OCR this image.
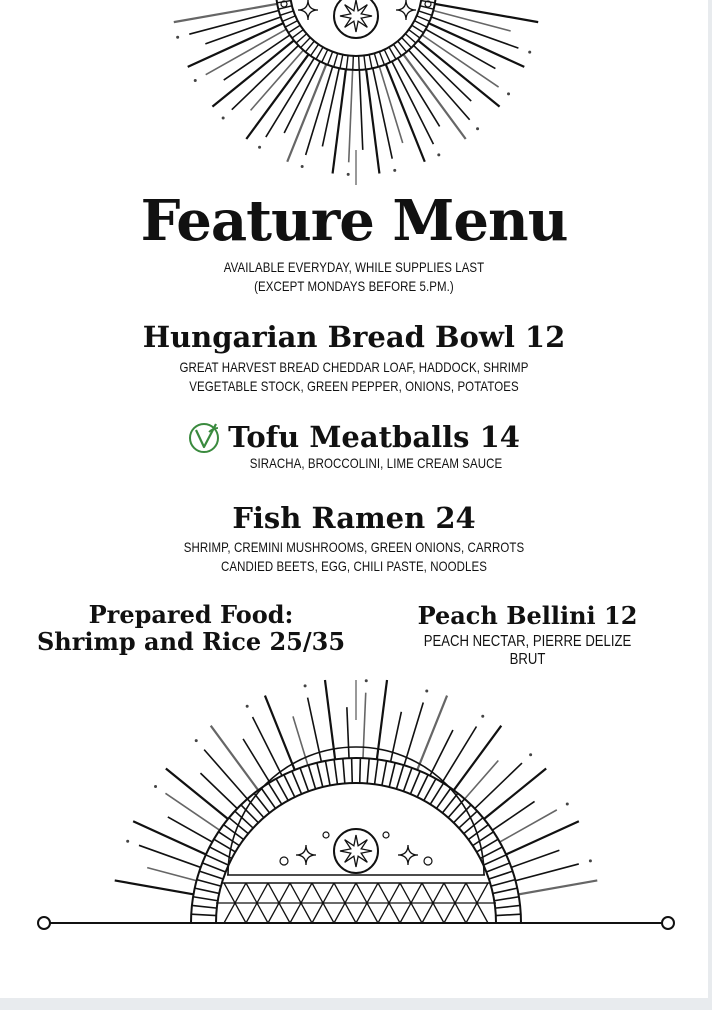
Feature Menu
AVAILABLE EVERYDAY, WHILE SUPPLIES LAST
(EXCEPT MONDAYS BEFORE 5.PM.)
Hungarian Bread Bowl 12
GREAT HARVEST BREAD CHEDDAR LOAF, HADDOCK, SHRIMP
VEGETABLE STOCK, GREEN PEPPER, ONIONS, POTATOES
Tofu Meatballs 14
SIRACHA, BROCCOLINI, LIME CREAM SAUCE
Fish Ramen 24
SHRIMP, CREMINI MUSHROOMS, GREEN ONIONS, CARROTS
CANDIED BEETS, EGG, CHILI PASTE, NOODLES
Prepared Food:
Shrimp and Rice 25/35
Peach Bellini 12
PEACH NECTAR, PIERRE DELIZE BRUT
